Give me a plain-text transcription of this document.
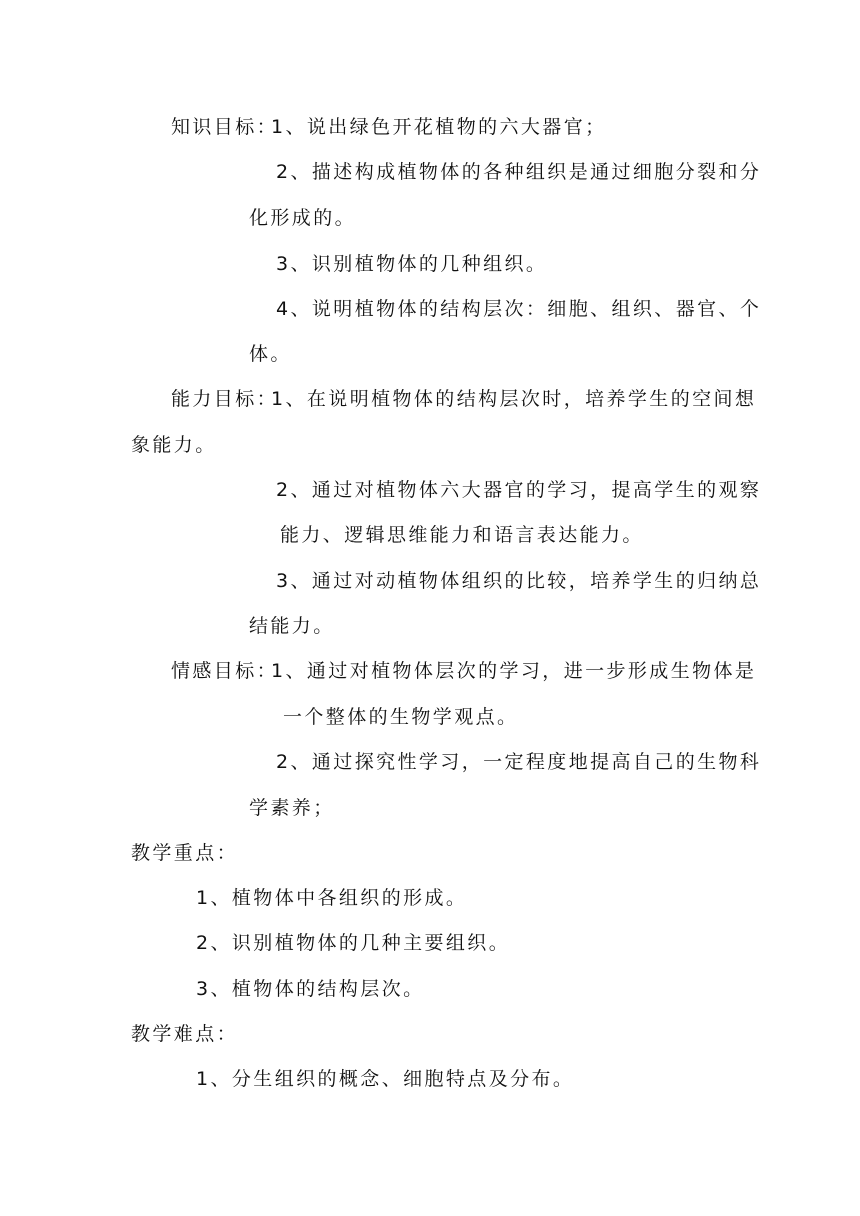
知识目标：
1、说出绿色开花植物的六大器官；
2、描述构成植物体的各种组织是通过细胞分裂和分
化形成的。
3、识别植物体的几种组织。
4、说明植物体的结构层次：细胞、组织、器官、个
体。
能力目标：
1、在说明植物体的结构层次时，培养学生的空间想
象能力。
2、通过对植物体六大器官的学习，提高学生的观察
能力、逻辑思维能力和语言表达能力。
3、通过对动植物体组织的比较，培养学生的归纳总
结能力。
情感目标：
1、通过对植物体层次的学习，进一步形成生物体是
一个整体的生物学观点。
2、通过探究性学习，一定程度地提高自己的生物科
学素养；
教学重点：
1、植物体中各组织的形成。
2、识别植物体的几种主要组织。
3、植物体的结构层次。
教学难点：
1、分生组织的概念、细胞特点及分布。
